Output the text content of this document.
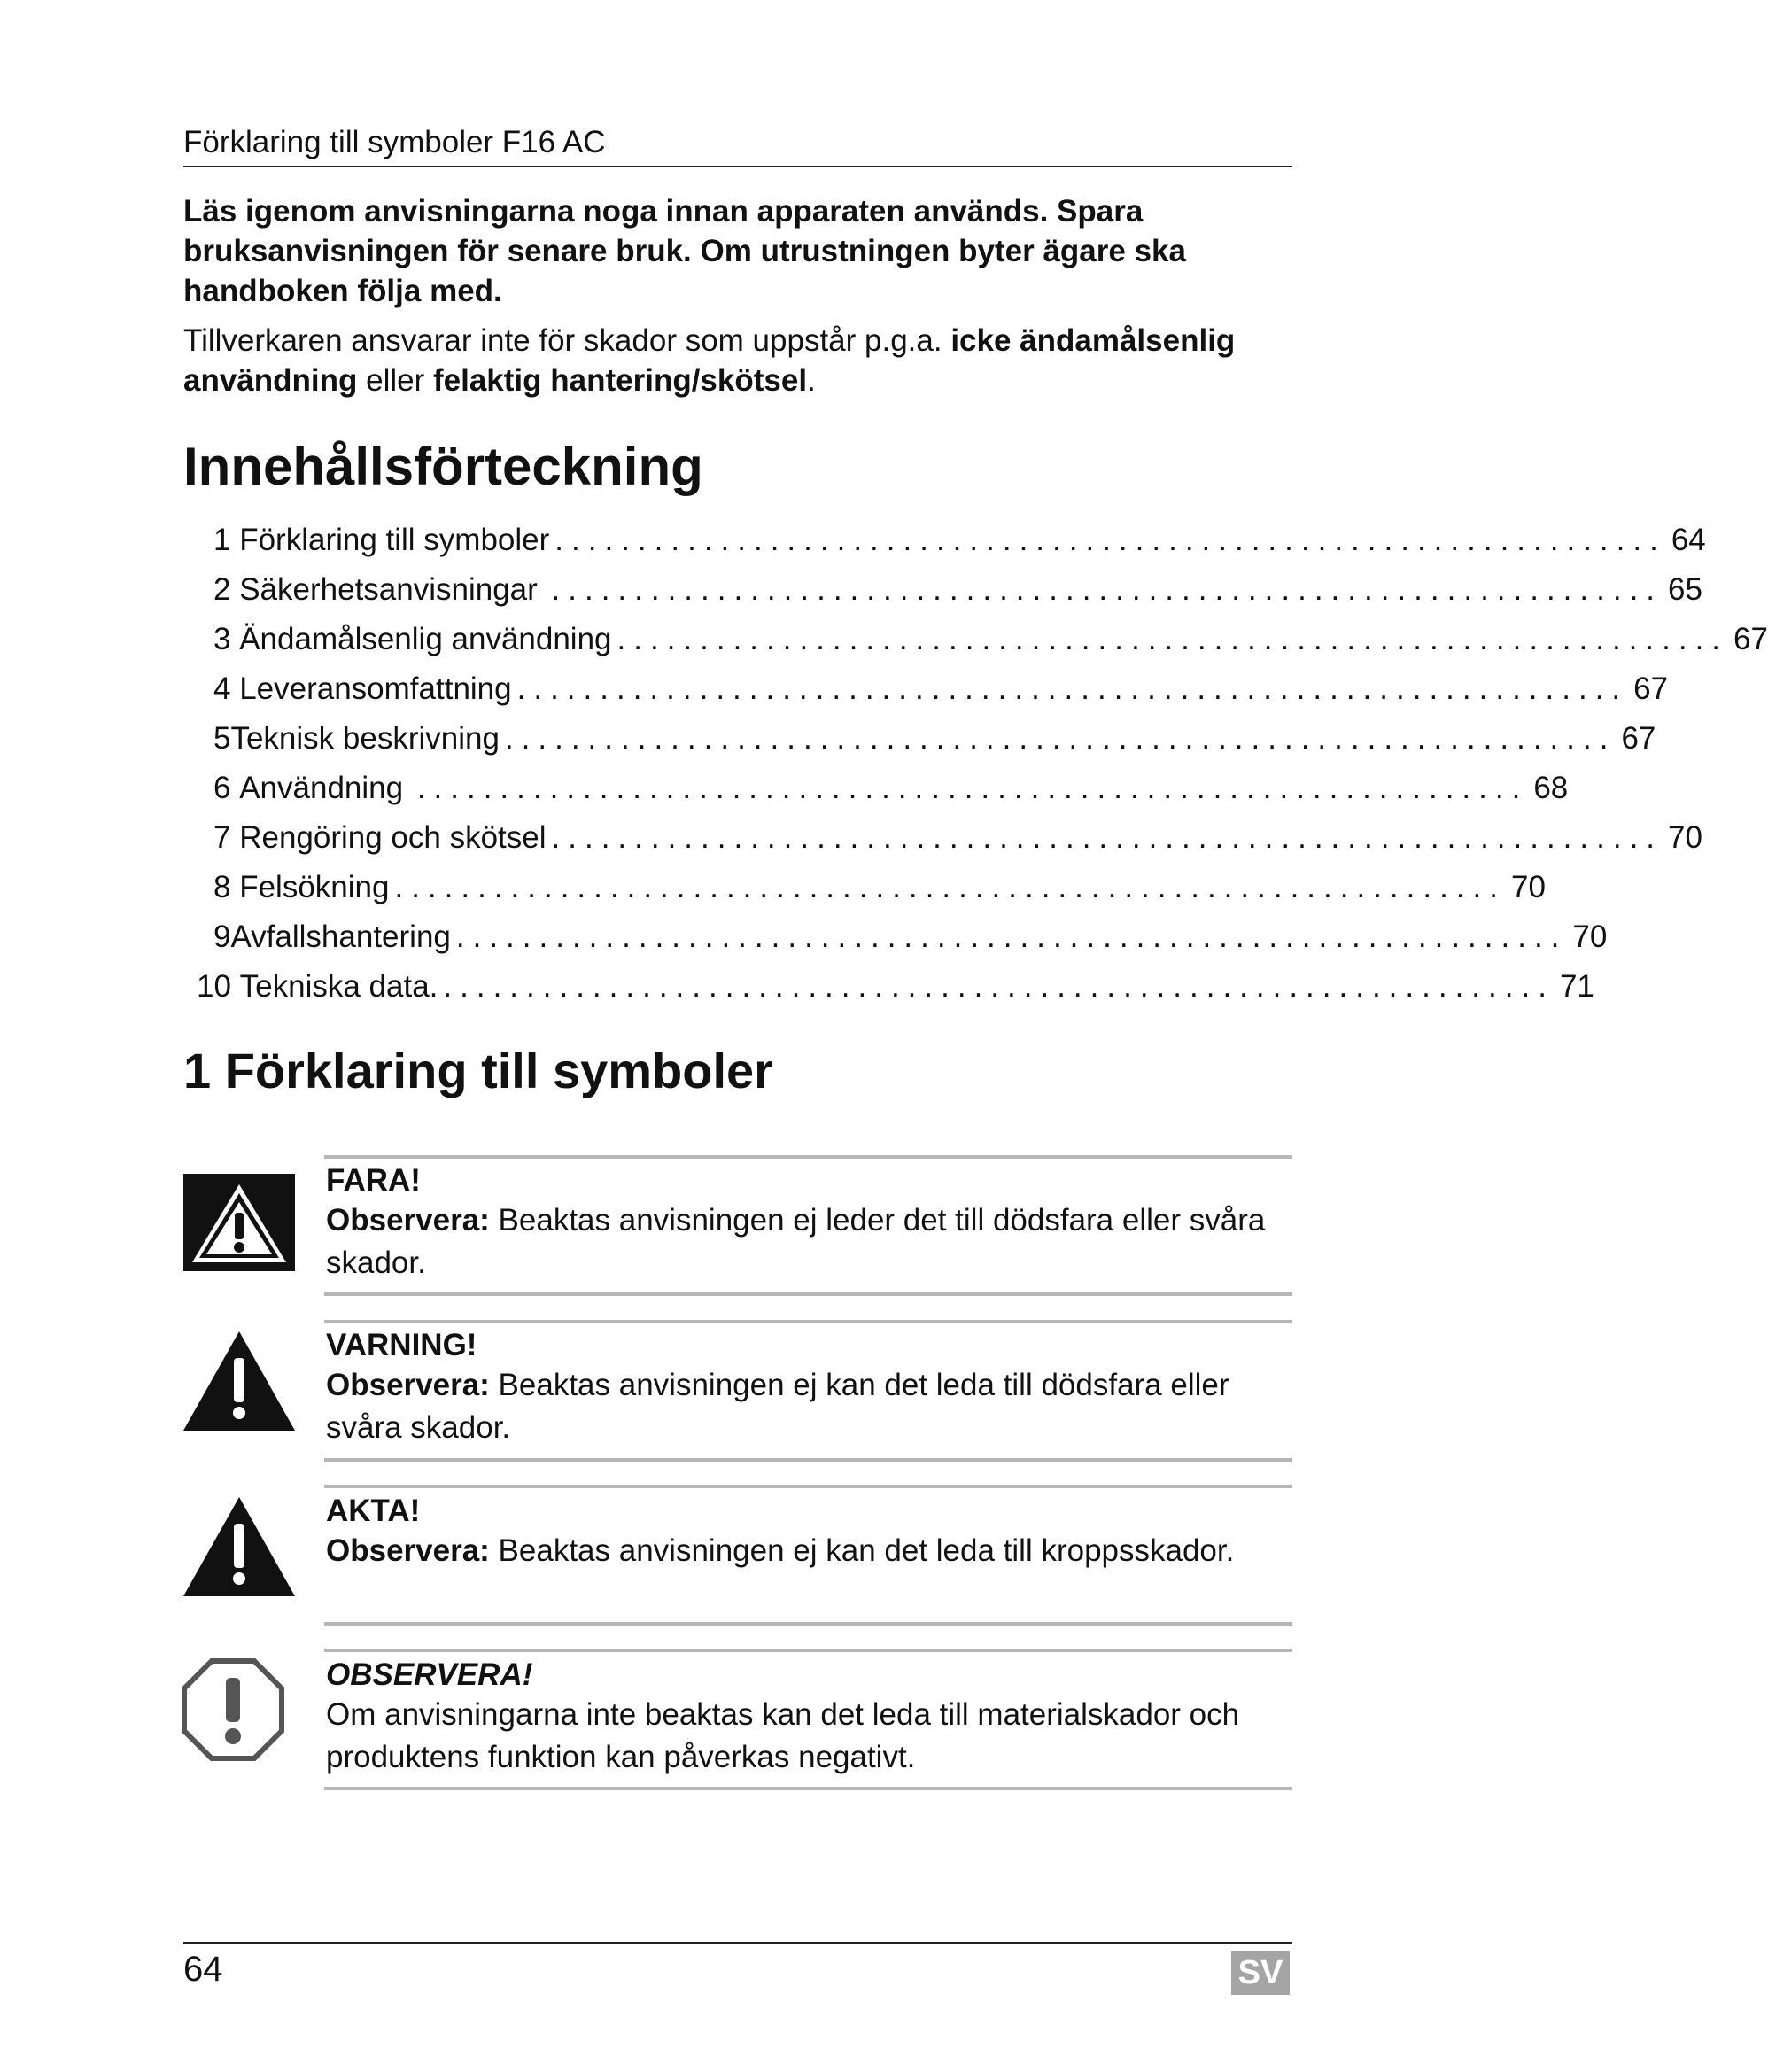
Förklaring till symboler F16 AC
Läs igenom anvisningarna noga innan apparaten används. Spara bruksanvisningen för senare bruk. Om utrustningen byter ägare ska handboken följa med.
Tillverkaren ansvarar inte för skador som uppstår p.g.a. icke ändamålsenlig användning eller felaktig hantering/skötsel.
Innehållsförteckning
1 Förklaring till symboler ................................................................... 64
2 Säkerhetsanvisningar ................................................................... 65
3 Ändamålsenlig användning ................................................................... 67
4 Leveransomfattning ................................................................... 67
5 Teknisk beskrivning ................................................................... 67
6 Användning ................................................................... 68
7 Rengöring och skötsel ................................................................... 70
8 Felsökning ................................................................... 70
9 Avfallshantering ................................................................... 70
10 Tekniska data. ................................................................... 71
1 Förklaring till symboler
FARA!
Observera: Beaktas anvisningen ej leder det till dödsfara eller svåra skador.
VARNING!
Observera: Beaktas anvisningen ej kan det leda till dödsfara eller svåra skador.
AKTA!
Observera: Beaktas anvisningen ej kan det leda till kroppsskador.
OBSERVERA!
Om anvisningarna inte beaktas kan det leda till materialskador och produktens funktion kan påverkas negativt.
64	SV
